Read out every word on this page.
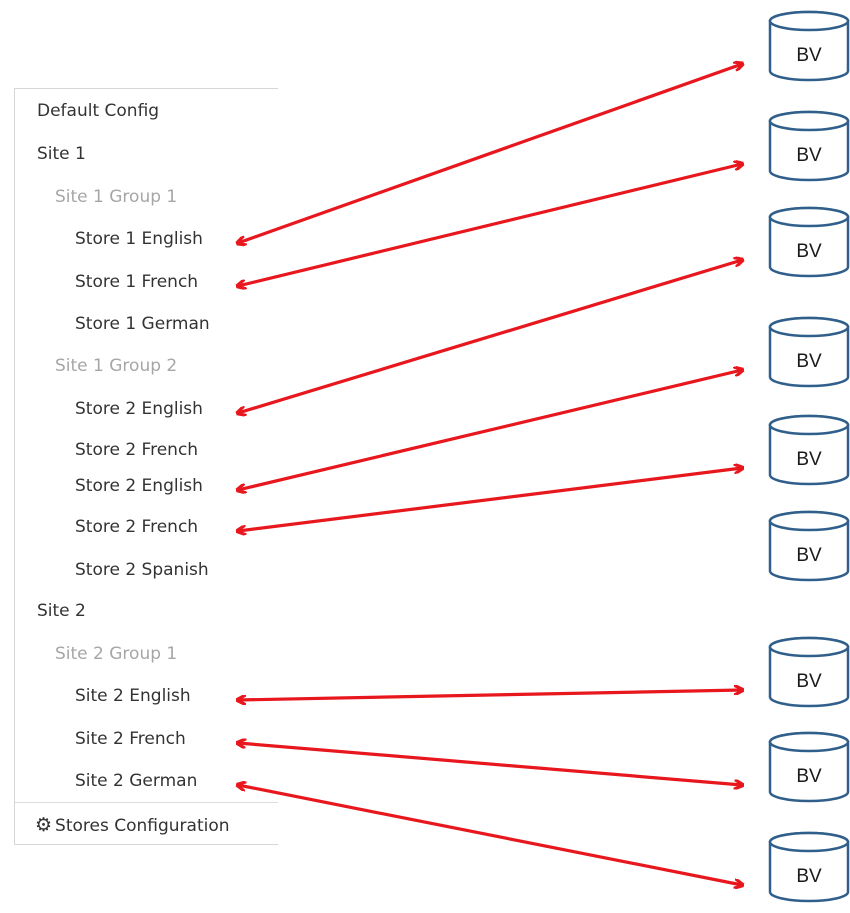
Default Config
Site 1
Site 1 Group 1
Store 1 English
Store 1 French
Store 1 German
Site 1 Group 2
Store 2 English
Store 2 French
Store 2 English
Store 2 French
Store 2 Spanish
Site 2
Site 2 Group 1
Site 2 English
Site 2 French
Site 2 German
⚙ Stores Configuration
BV
BV
BV
BV
BV
BV
BV
BV
BV
